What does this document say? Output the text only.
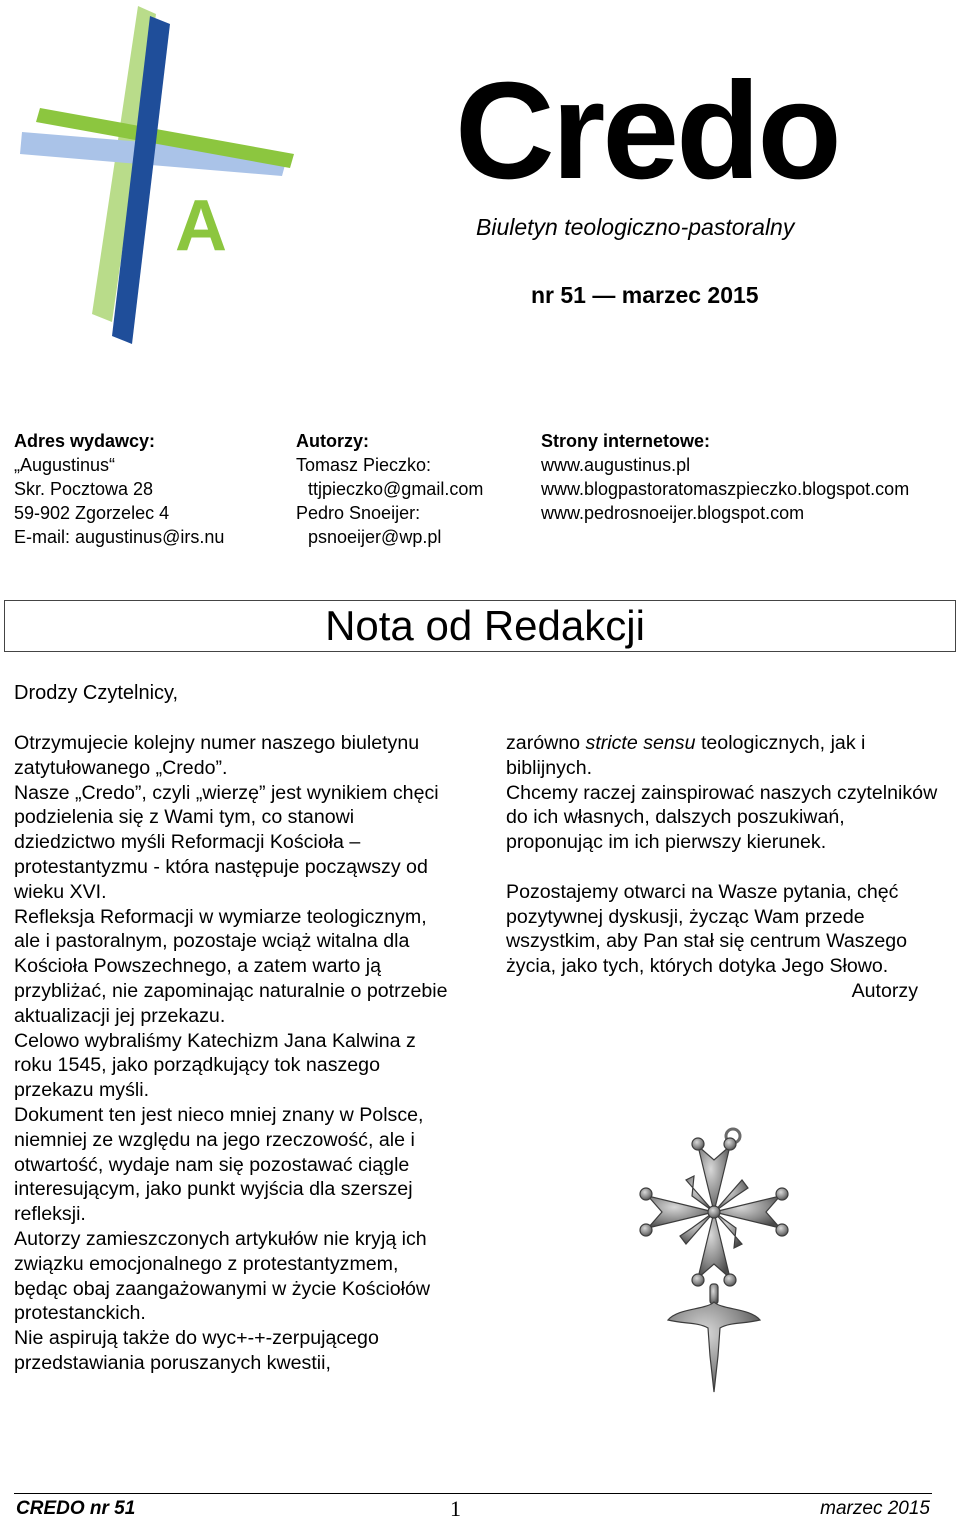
A
Credo
Biuletyn teologiczno-pastoralny
nr 51 — marzec 2015
Adres wydawcy:
„Augustinus“
Skr. Pocztowa 28
59-902 Zgorzelec 4
E-mail: augustinus@irs.nu
Autorzy:
Tomasz Pieczko:
ttjpieczko@gmail.com
Pedro Snoeijer:
psnoeijer@wp.pl
Strony internetowe:
www.augustinus.pl
www.blogpastoratomaszpieczko.blogspot.com
www.pedrosnoeijer.blogspot.com
Nota od Redakcji
Drodzy Czytelnicy,

Otrzymujecie kolejny numer naszego biuletynu zatytułowanego „Credo”.

Nasze „Credo”, czyli „wierzę” jest wynikiem chęci podzielenia się z Wami tym, co stanowi dziedzictwo myśli Reformacji Kościoła – protestantyzmu - która następuje począwszy od wieku XVI.

Refleksja Reformacji w wymiarze teologicznym, ale i pastoralnym, pozostaje wciąż witalna dla Kościoła Powszechnego, a zatem warto ją przybliżać, nie zapominając naturalnie o potrzebie aktualizacji jej przekazu.

Celowo wybraliśmy Katechizm Jana Kalwina z roku 1545, jako porządkujący tok naszego przekazu myśli.

Dokument ten jest nieco mniej znany w Polsce, niemniej ze względu na jego rzeczowość, ale i otwartość, wydaje nam się pozostawać ciągle interesującym, jako punkt wyjścia dla szerszej refleksji.

Autorzy zamieszczonych artykułów nie kryją ich związku emocjonalnego z protestantyzmem, będąc obaj zaangażowanymi w życie Kościołów protestanckich.

Nie aspirują także do wyc+-+-zerpującego przedstawiania poruszanych kwestii,

zarówno stricte sensu teologicznych, jak i biblijnych.

Chcemy raczej zainspirować naszych czytelników do ich własnych, dalszych poszukiwań, proponując im ich pierwszy kierunek.

Pozostajemy otwarci na Wasze pytania, chęć pozytywnej dyskusji, życząc Wam przede wszystkim, aby Pan stał się centrum Waszego życia, jako tych, których dotyka Jego Słowo.

Autorzy
CREDO nr 51	1	marzec 2015
